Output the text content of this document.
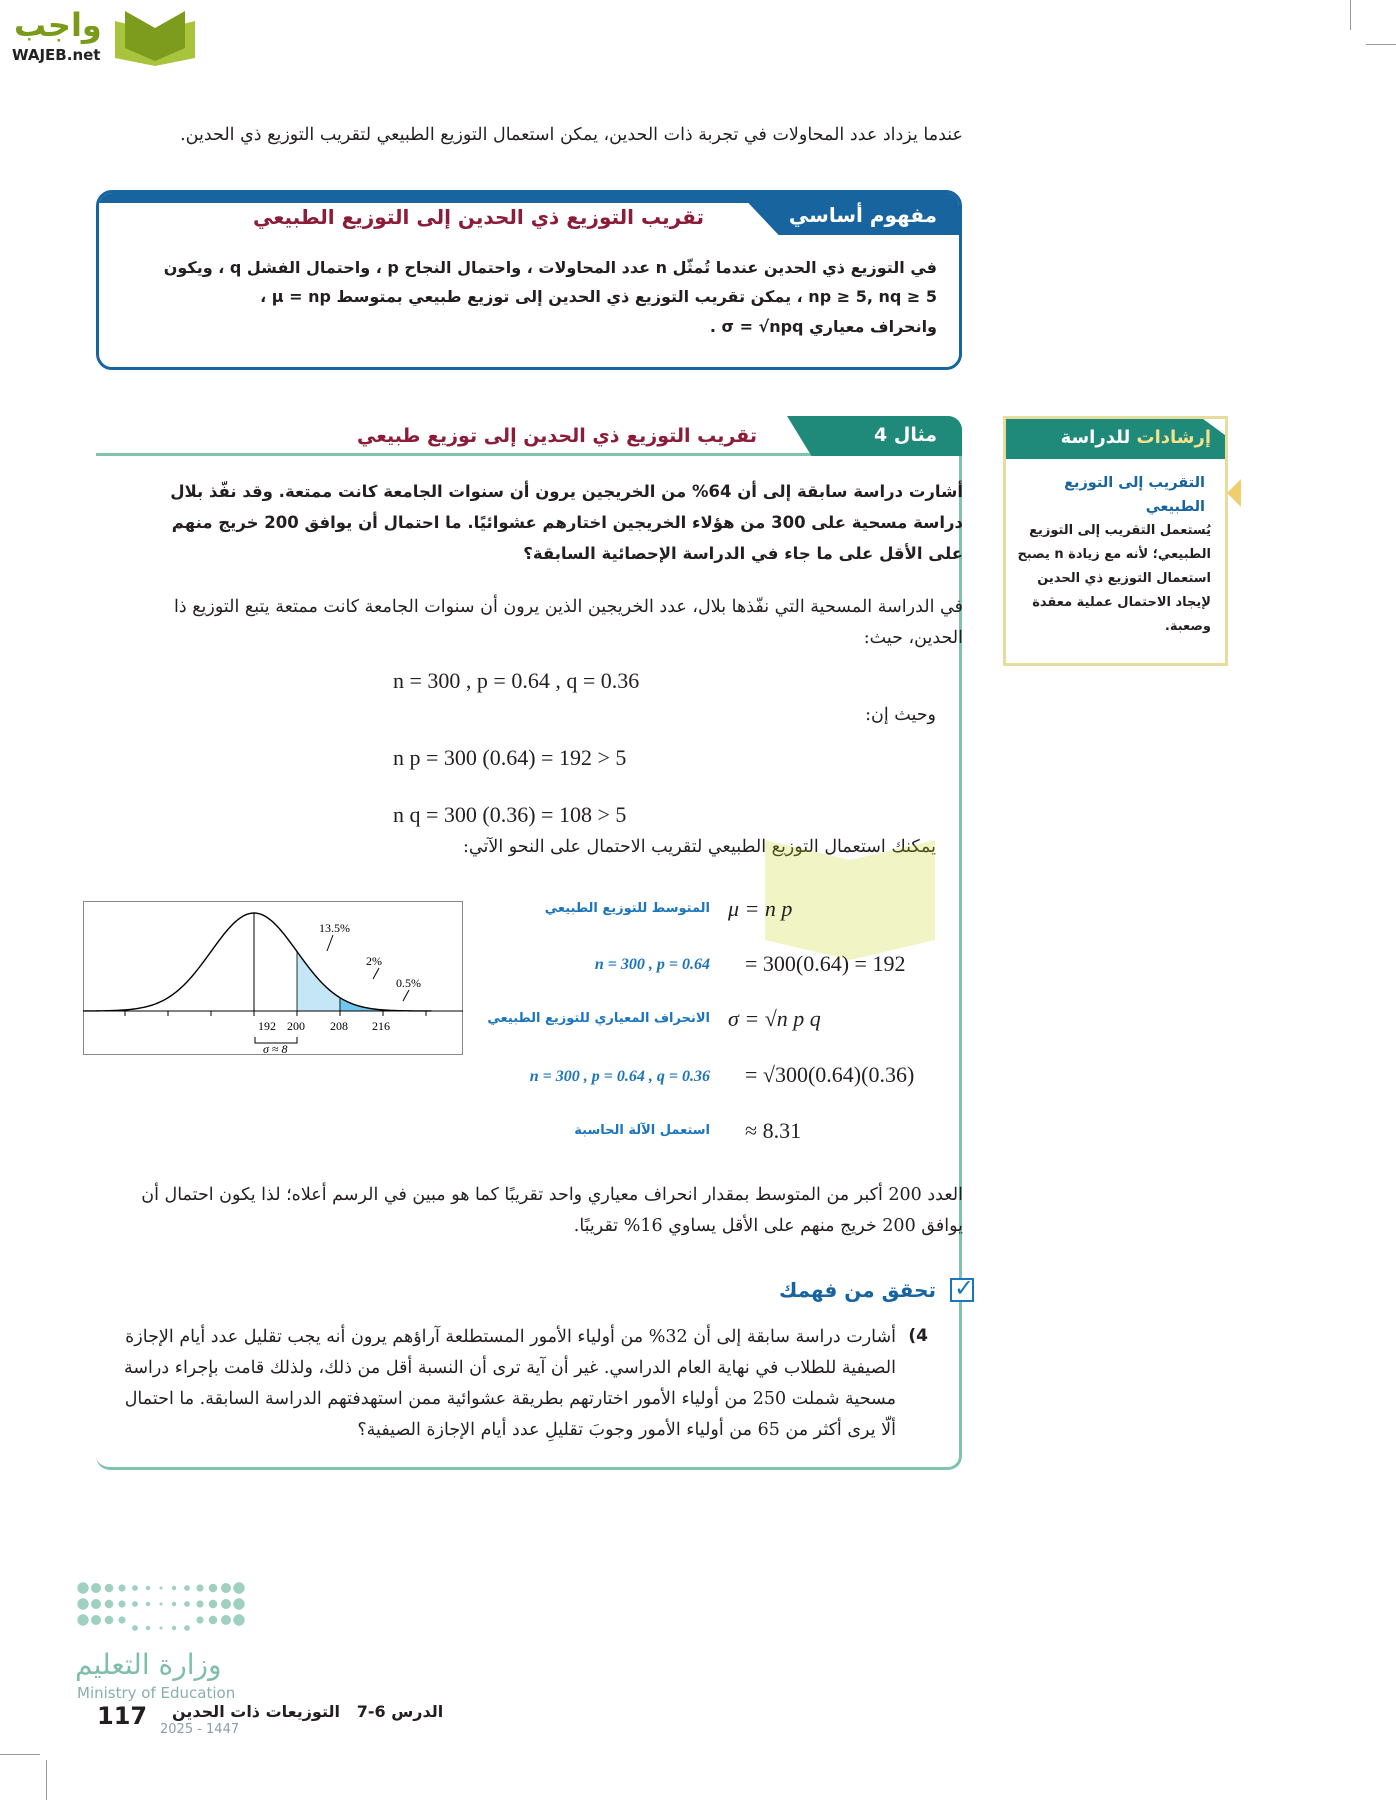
واجب
WAJEB.net
عندما يزداد عدد المحاولات في تجربة ذات الحدين، يمكن استعمال التوزيع الطبيعي لتقريب التوزيع ذي الحدين.
مفهوم أساسي
تقريب التوزيع ذي الحدين إلى التوزيع الطبيعي
في التوزيع ذي الحدين عندما تُمثّل n عدد المحاولات ، واحتمال النجاح p ، واحتمال الفشل q ، ويكون
np ≥ 5, nq ≥ 5 ، يمكن تقريب التوزيع ذي الحدين إلى توزيع طبيعي بمتوسط μ = np ،
وانحراف معياري σ = √npq .
إرشادات للدراسة
التقريب إلى التوزيع الطبيعي
يُستعمل التقريب إلى التوزيع الطبيعي؛ لأنه مع زيادة n يصبح استعمال التوزيع ذي الحدين لإيجاد الاحتمال عملية معقدة وصعبة.
مثال 4
تقريب التوزيع ذي الحدين إلى توزيع طبيعي
أشارت دراسة سابقة إلى أن 64% من الخريجين يرون أن سنوات الجامعة كانت ممتعة. وقد نفّذ بلال دراسة مسحية على 300 من هؤلاء الخريجين اختارهم عشوائيًا. ما احتمال أن يوافق 200 خريج منهم على الأقل على ما جاء في الدراسة الإحصائية السابقة؟
في الدراسة المسحية التي نفّذها بلال، عدد الخريجين الذين يرون أن سنوات الجامعة كانت ممتعة يتبع التوزيع ذا الحدين، حيث:
n = 300 , p = 0.64 , q = 0.36
وحيث إن:
n p = 300 (0.64) = 192 > 5
n q = 300 (0.36) = 108 > 5
يمكنك استعمال التوزيع الطبيعي لتقريب الاحتمال على النحو الآتي:
المتوسط للتوزيع الطبيعي μ = n p
n = 300 , p = 0.64 = 300(0.64) = 192
الانحراف المعياري للتوزيع الطبيعي σ = √n p q
n = 300 , p = 0.64 , q = 0.36 = √300(0.64)(0.36)
استعمل الآلة الحاسبة ≈ 8.31
192 200 208 216
13.5%
2%
0.5%
σ ≈ 8
العدد 200 أكبر من المتوسط بمقدار انحراف معياري واحد تقريبًا كما هو مبين في الرسم أعلاه؛ لذا يكون احتمال أن يوافق 200 خريج منهم على الأقل يساوي 16% تقريبًا.
✓
تحقق من فهمك
4)
أشارت دراسة سابقة إلى أن 32% من أولياء الأمور المستطلعة آراؤهم يرون أنه يجب تقليل عدد أيام الإجازة الصيفية للطلاب في نهاية العام الدراسي. غير أن آية ترى أن النسبة أقل من ذلك، ولذلك قامت بإجراء دراسة مسحية شملت 250 من أولياء الأمور اختارتهم بطريقة عشوائية ممن استهدفتهم الدراسة السابقة. ما احتمال ألّا يرى أكثر من 65 من أولياء الأمور وجوبَ تقليلِ عدد أيام الإجازة الصيفية؟
وزارة التعليم
Ministry of Education
2025 - 1447
117	الدرس 6-7   التوزيعات ذات الحدين
